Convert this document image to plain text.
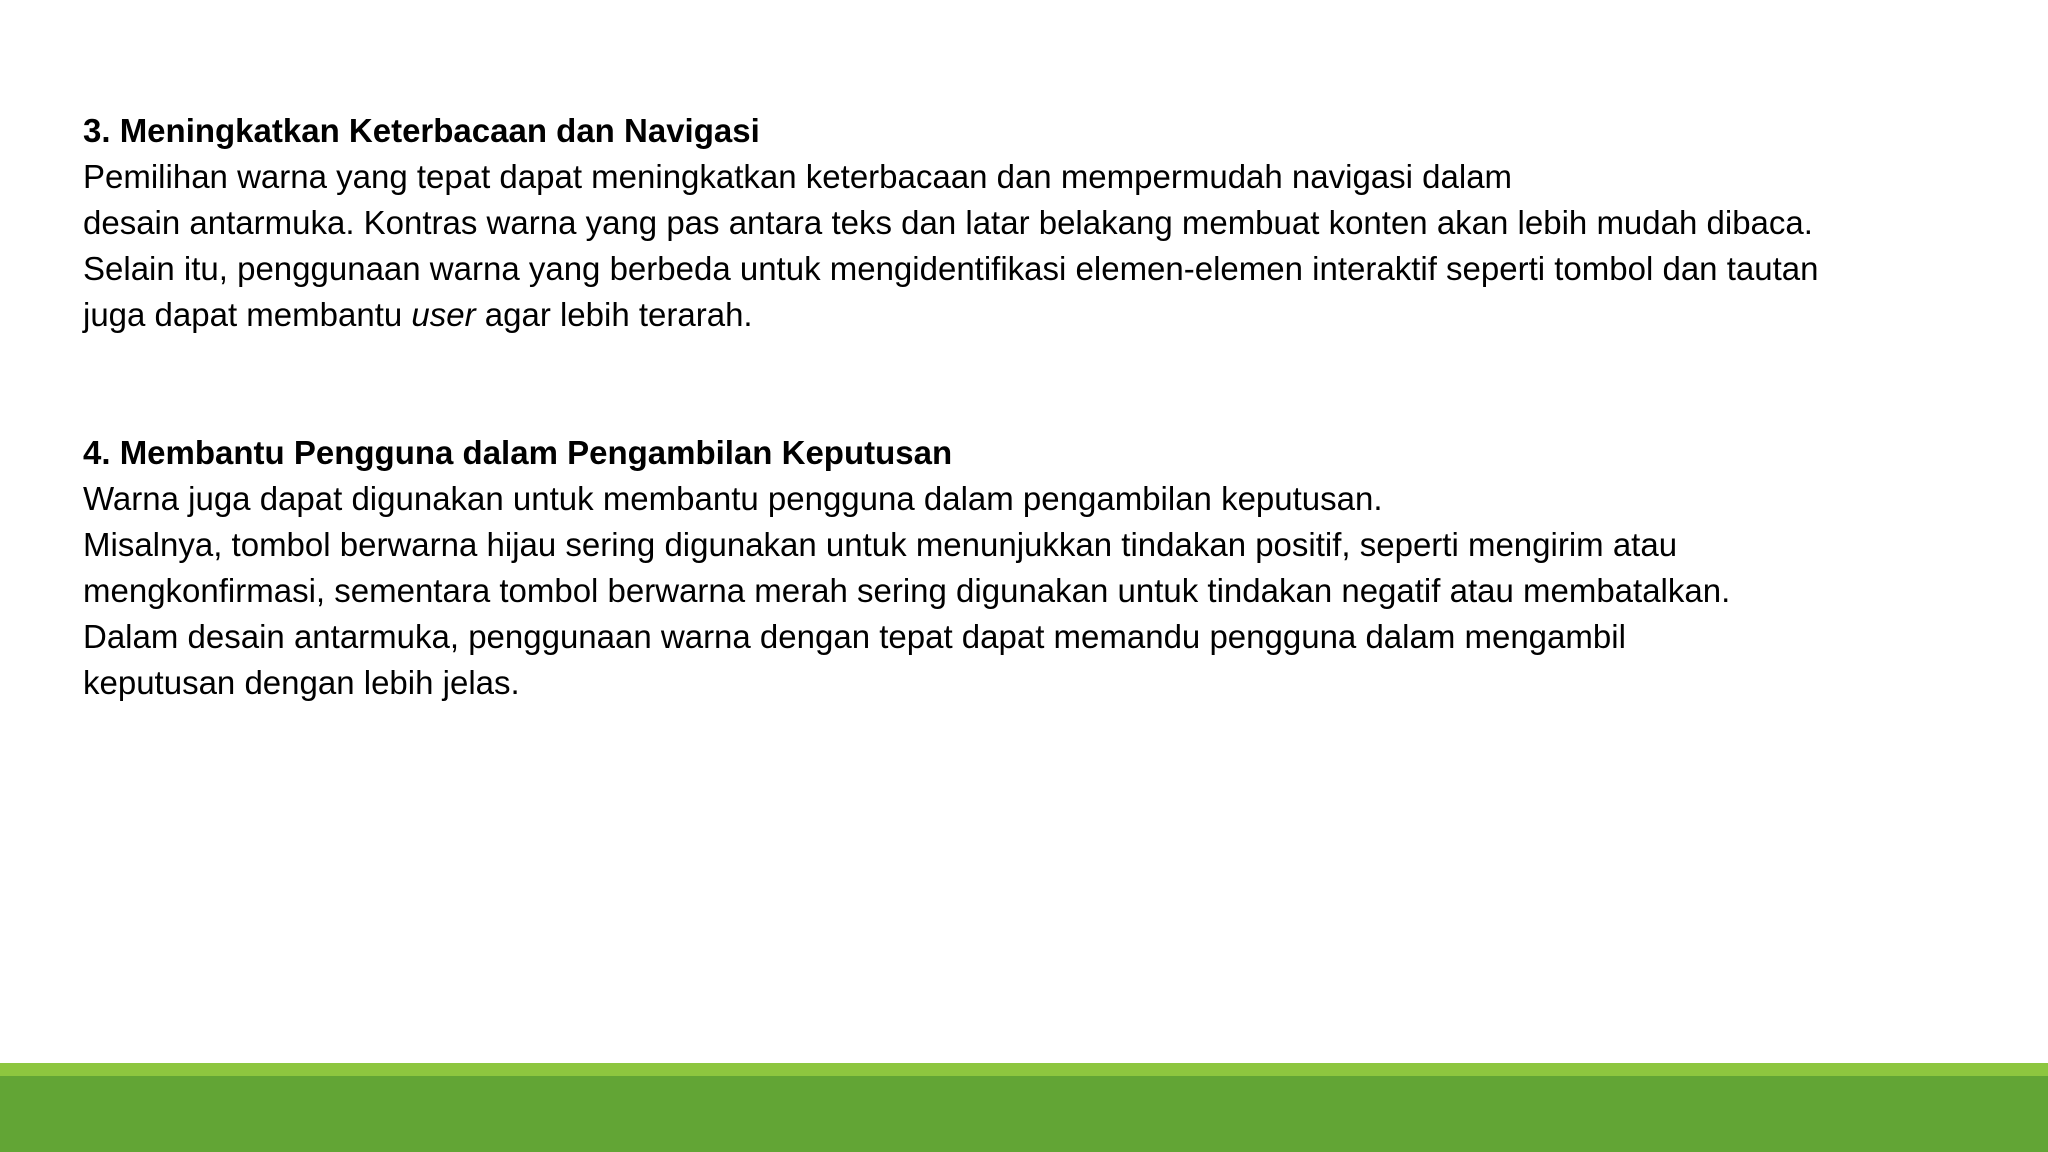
3. Meningkatkan Keterbacaan dan Navigasi
Pemilihan warna yang tepat dapat meningkatkan keterbacaan dan mempermudah navigasi dalam
desain antarmuka. Kontras warna yang pas antara teks dan latar belakang membuat konten akan lebih mudah dibaca.
Selain itu, penggunaan warna yang berbeda untuk mengidentifikasi elemen-elemen interaktif seperti tombol dan tautan
juga dapat membantu user agar lebih terarah.
4. Membantu Pengguna dalam Pengambilan Keputusan
Warna juga dapat digunakan untuk membantu pengguna dalam pengambilan keputusan.
Misalnya, tombol berwarna hijau sering digunakan untuk menunjukkan tindakan positif, seperti mengirim atau
mengkonfirmasi, sementara tombol berwarna merah sering digunakan untuk tindakan negatif atau membatalkan.
Dalam desain antarmuka, penggunaan warna dengan tepat dapat memandu pengguna dalam mengambil
keputusan dengan lebih jelas.
